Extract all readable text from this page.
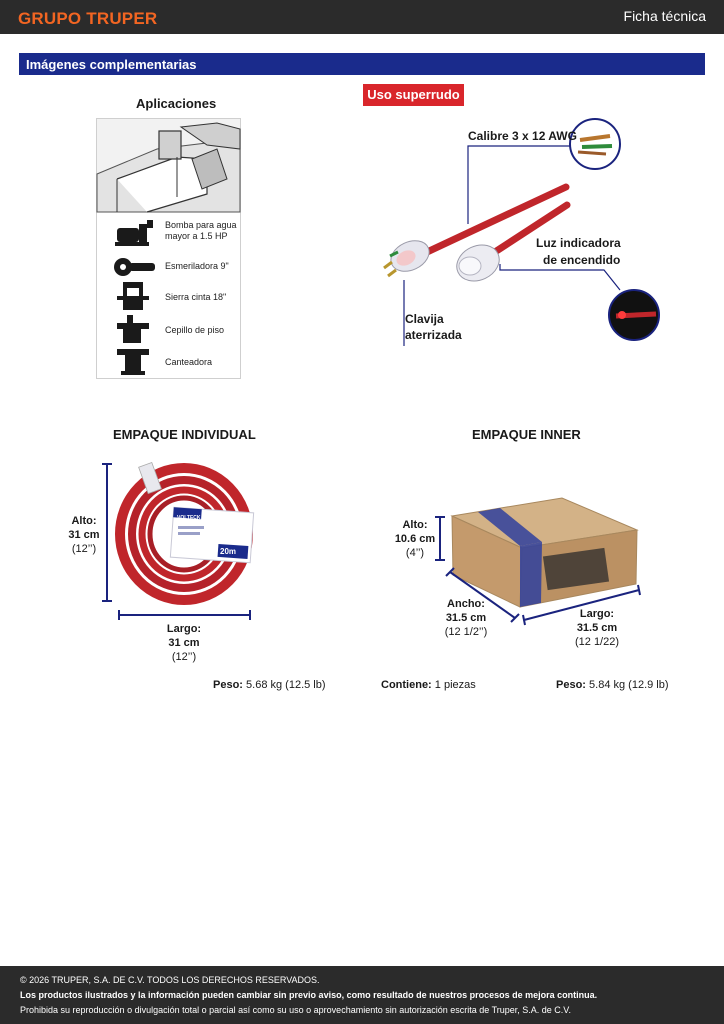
GRUPO TRUPER	Ficha técnica
Imágenes complementarias
Aplicaciones
Bomba para agua mayor a 1.5 HP
Esmeriladora 9"
Sierra cinta 18"
Cepillo de piso
Canteadora
Uso superrudo
Calibre 3 x 12 AWG
Luz indicadora
de encendido
Clavija
aterrizada
EMPAQUE INDIVIDUAL
VOLTECK
20m
Alto:
31 cm
(12’’)
Largo:
31 cm
(12’’)
Peso: 5.68 kg (12.5 lb)
EMPAQUE INNER
Alto:
10.6 cm
(4’’)
Ancho:
31.5 cm
(12 1/2’’)
Largo:
31.5 cm
(12 1/22)
Contiene: 1 piezas	Peso: 5.84 kg (12.9 lb)
© 2026 TRUPER, S.A. DE C.V. TODOS LOS DERECHOS RESERVADOS.
Los productos ilustrados y la información pueden cambiar sin previo aviso, como resultado de nuestros procesos de mejora continua.
Prohibida su reproducción o divulgación total o parcial así como su uso o aprovechamiento sin autorización escrita de Truper, S.A. de C.V.
